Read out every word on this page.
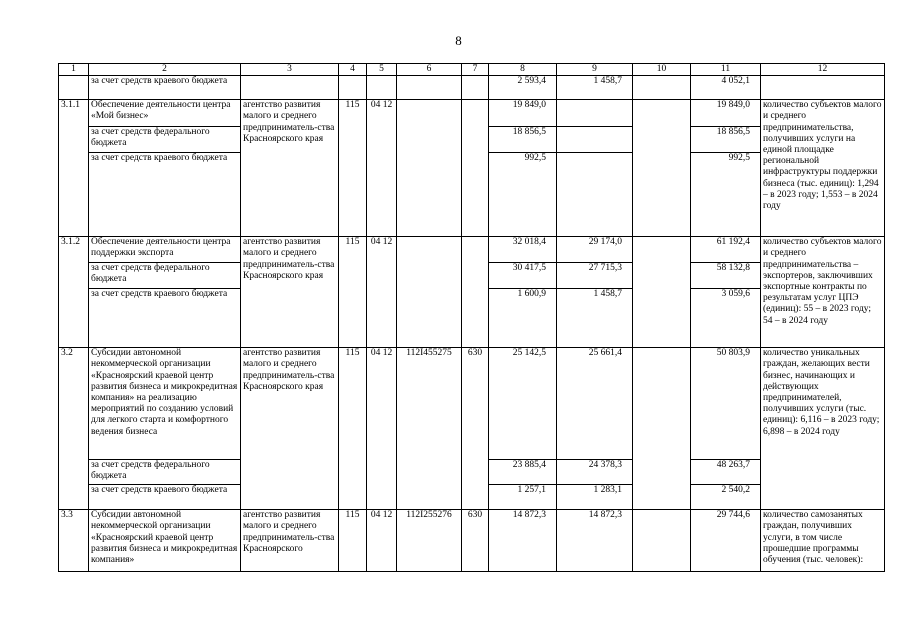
8
1	2	3	4	5	6	7	8	9	10	11	12
	за счет средств краевого бюджета						2 593,4	1 458,7		4 052,1	
3.1.1	Обеспечение деятельности центра «Мой бизнес»	агентство развития малого и среднего предприниматель-ства Красноярского края	115	04 12			19 849,0			19 849,0	количество субъектов малого и среднего предпринимательства, получивших услуги на единой площадке региональной инфраструктуры поддержки бизнеса (тыс. единиц): 1,294 – в 2023 году; 1,553 – в 2024 году
	за счет средств федерального бюджета						18 856,5			18 856,5	
	за счет средств краевого бюджета						992,5			992,5	
3.1.2	Обеспечение деятельности центра поддержки экспорта	агентство развития малого и среднего предприниматель-ства Красноярского края	115	04 12			32 018,4	29 174,0		61 192,4	количество субъектов малого и среднего предпринимательства – экспортеров, заключивших экспортные контракты по результатам услуг ЦПЭ (единиц): 55 – в 2023 году; 54 – в 2024 году
	за счет средств федерального бюджета						30 417,5	27 715,3		58 132,8	
	за счет средств краевого бюджета						1 600,9	1 458,7		3 059,6	
3.2	Субсидии автономной некоммерческой организации «Красноярский краевой центр развития бизнеса и микрокредитная компания» на реализацию мероприятий по созданию условий для легкого старта и комфортного ведения бизнеса	агентство развития малого и среднего предприниматель-ства Красноярского края	115	04 12	112I455275	630	25 142,5	25 661,4		50 803,9	количество уникальных граждан, желающих вести бизнес, начинающих и действующих предпринимателей, получивших услуги (тыс. единиц): 6,116 – в 2023 году; 6,898 – в 2024 году
	за счет средств федерального бюджета						23 885,4	24 378,3		48 263,7	
	за счет средств краевого бюджета						1 257,1	1 283,1		2 540,2	
3.3	Субсидии автономной некоммерческой организации «Красноярский краевой центр развития бизнеса и микрокредитная компания»	агентство развития малого и среднего предприниматель-ства Красноярского	115	04 12	112I255276	630	14 872,3	14 872,3		29 744,6	количество самозанятых граждан, получивших услуги, в том числе прошедшие программы обучения (тыс. человек):
